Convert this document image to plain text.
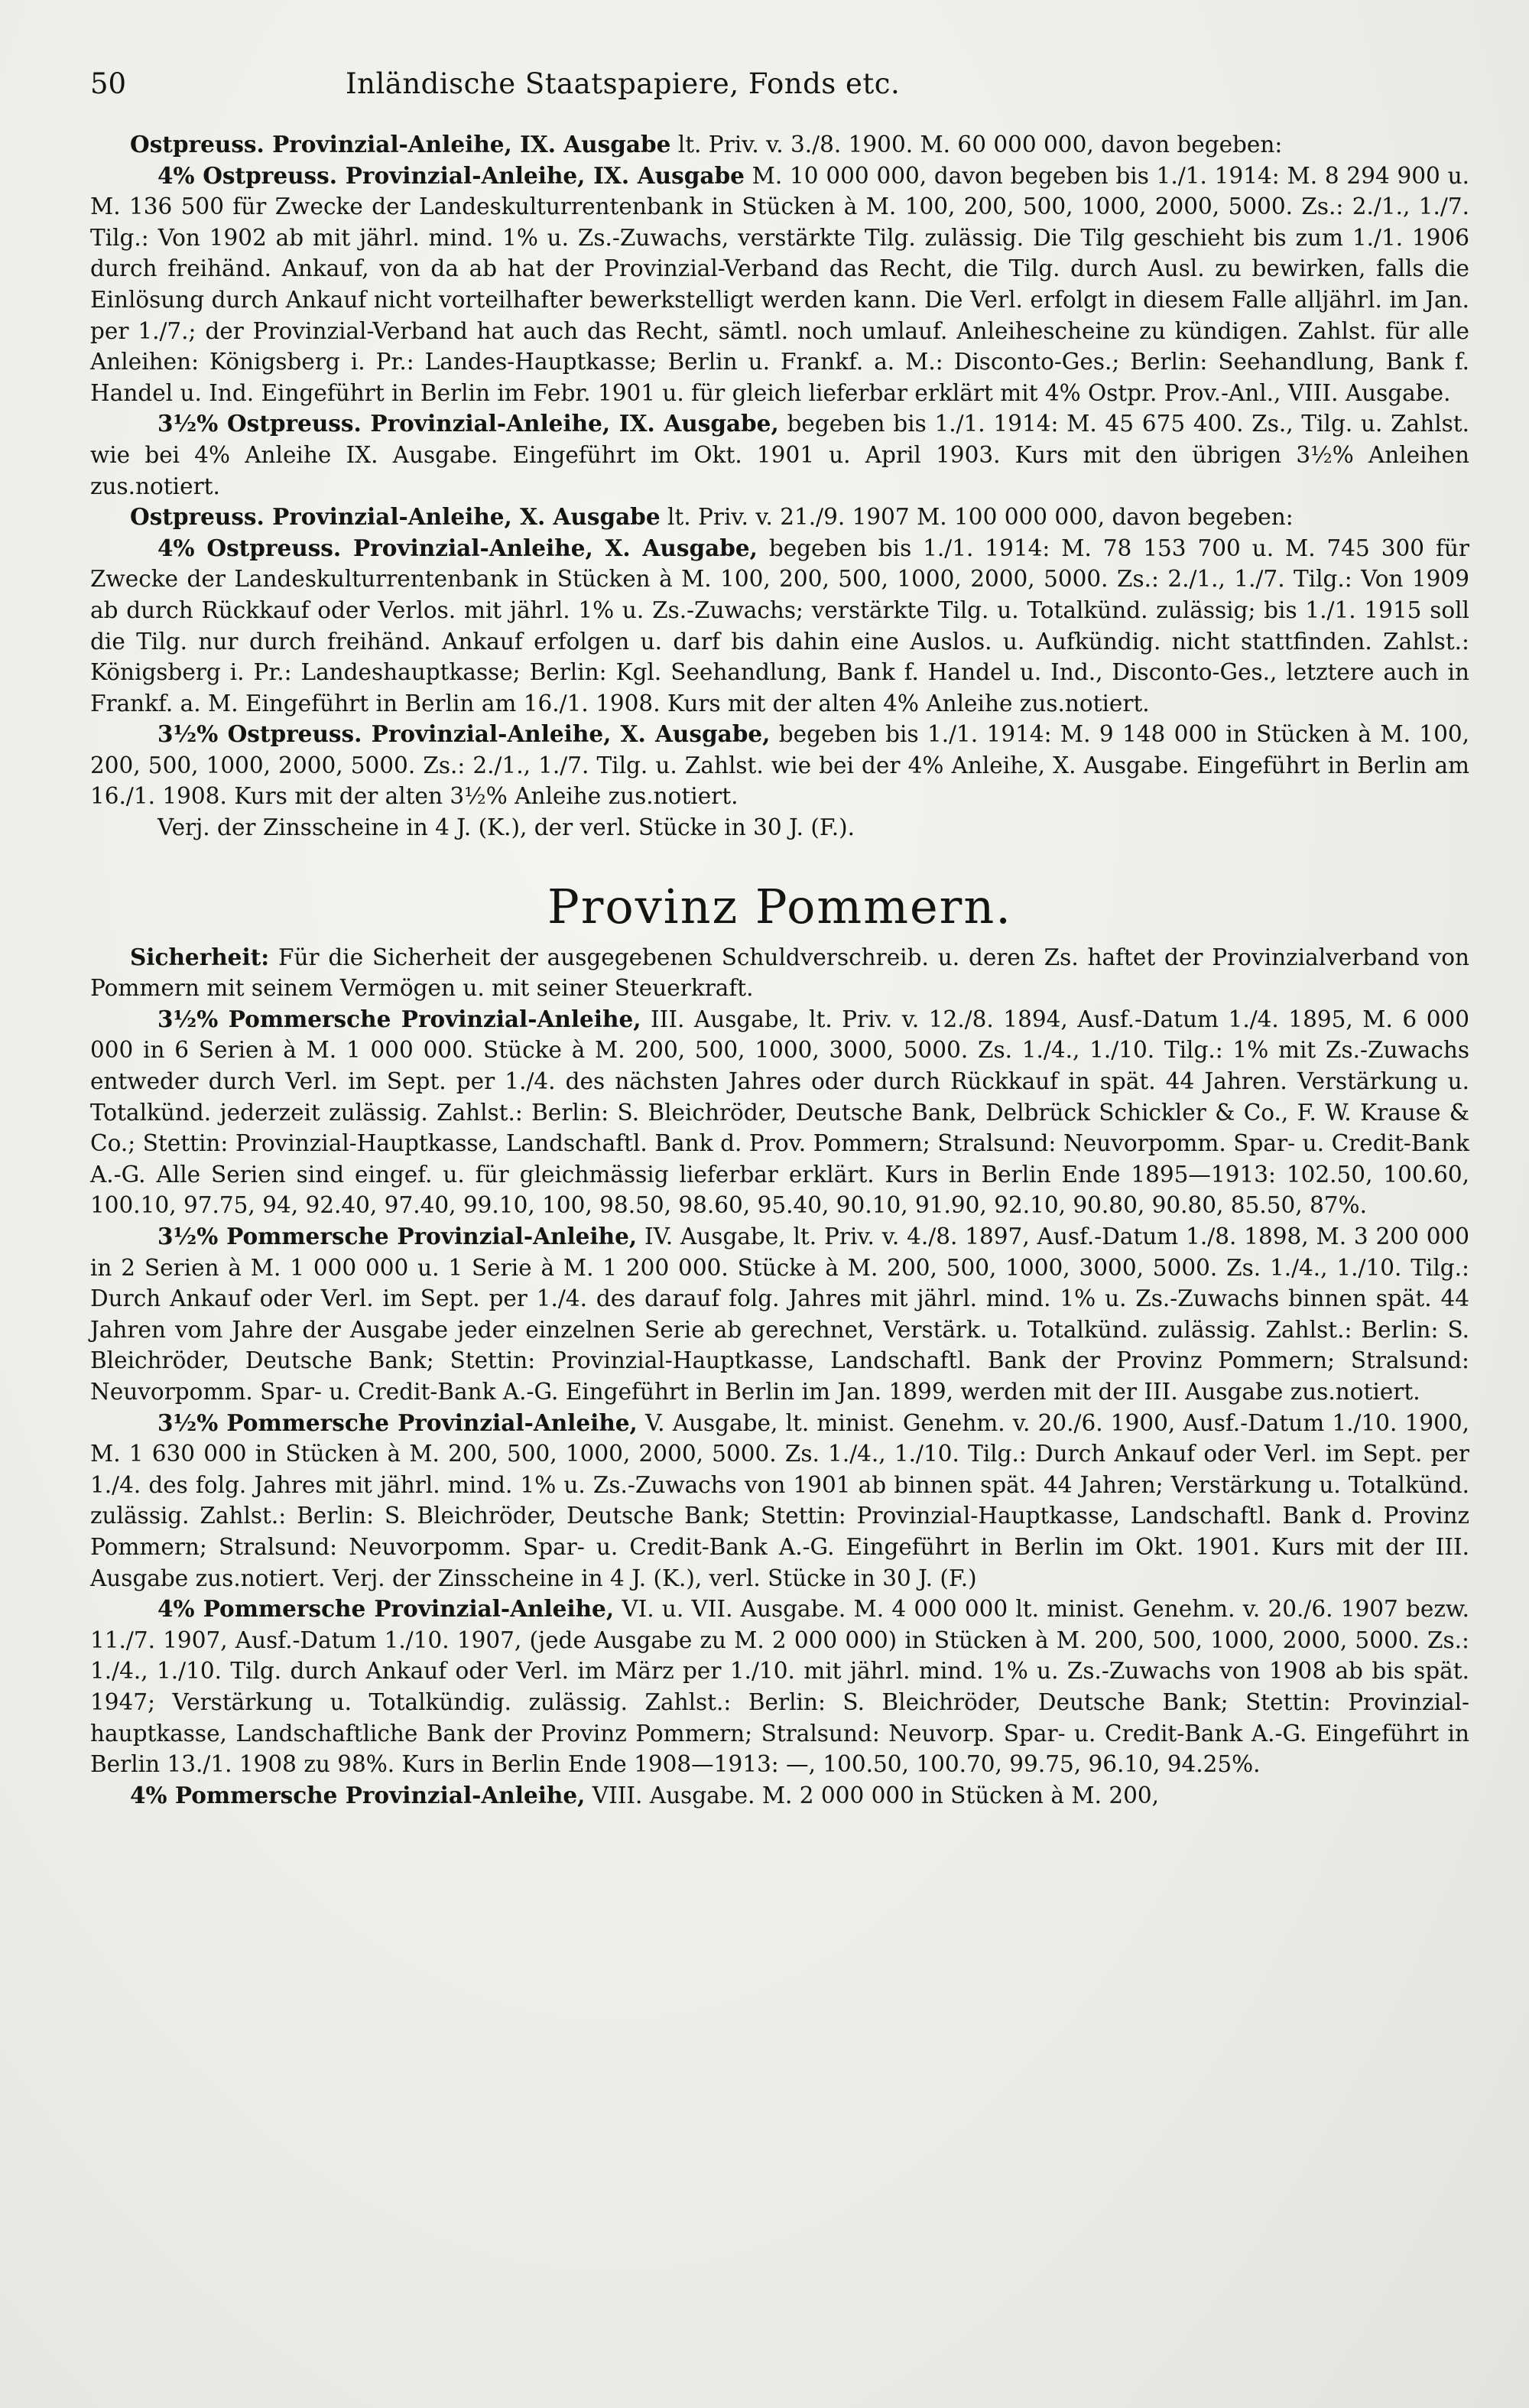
50	Inländische Staatspapiere, Fonds etc.

Ostpreuss. Provinzial-Anleihe, IX. Ausgabe lt. Priv. v. 3./8. 1900. M. 60 000 000, davon begeben:

4% Ostpreuss. Provinzial-Anleihe, IX. Ausgabe M. 10 000 000, davon begeben bis 1./1. 1914: M. 8 294 900 u. M. 136 500 für Zwecke der Landeskulturrentenbank in Stücken à M. 100, 200, 500, 1000, 2000, 5000. Zs.: 2./1., 1./7. Tilg.: Von 1902 ab mit jährl. mind. 1% u. Zs.-Zuwachs, verstärkte Tilg. zulässig. Die Tilg geschieht bis zum 1./1. 1906 durch freihänd. Ankauf, von da ab hat der Provinzial-Verband das Recht, die Tilg. durch Ausl. zu bewirken, falls die Einlösung durch Ankauf nicht vorteilhafter bewerkstelligt werden kann. Die Verl. erfolgt in diesem Falle alljährl. im Jan. per 1./7.; der Provinzial-Verband hat auch das Recht, sämtl. noch umlauf. Anleihescheine zu kündigen. Zahlst. für alle Anleihen: Königsberg i. Pr.: Landes-Hauptkasse; Berlin u. Frankf. a. M.: Disconto-Ges.; Berlin: Seehandlung, Bank f. Handel u. Ind. Eingeführt in Berlin im Febr. 1901 u. für gleich lieferbar erklärt mit 4% Ostpr. Prov.-Anl., VIII. Ausgabe.

3½% Ostpreuss. Provinzial-Anleihe, IX. Ausgabe, begeben bis 1./1. 1914: M. 45 675 400. Zs., Tilg. u. Zahlst. wie bei 4% Anleihe IX. Ausgabe. Eingeführt im Okt. 1901 u. April 1903. Kurs mit den übrigen 3½% Anleihen zus.notiert.

Ostpreuss. Provinzial-Anleihe, X. Ausgabe lt. Priv. v. 21./9. 1907 M. 100 000 000, davon begeben:

4% Ostpreuss. Provinzial-Anleihe, X. Ausgabe, begeben bis 1./1. 1914: M. 78 153 700 u. M. 745 300 für Zwecke der Landeskulturrentenbank in Stücken à M. 100, 200, 500, 1000, 2000, 5000. Zs.: 2./1., 1./7. Tilg.: Von 1909 ab durch Rückkauf oder Verlos. mit jährl. 1% u. Zs.-Zuwachs; verstärkte Tilg. u. Totalkünd. zulässig; bis 1./1. 1915 soll die Tilg. nur durch freihänd. Ankauf erfolgen u. darf bis dahin eine Auslos. u. Aufkündig. nicht stattfinden. Zahlst.: Königsberg i. Pr.: Landeshauptkasse; Berlin: Kgl. Seehandlung, Bank f. Handel u. Ind., Disconto-Ges., letztere auch in Frankf. a. M. Eingeführt in Berlin am 16./1. 1908. Kurs mit der alten 4% Anleihe zus.notiert.

3½% Ostpreuss. Provinzial-Anleihe, X. Ausgabe, begeben bis 1./1. 1914: M. 9 148 000 in Stücken à M. 100, 200, 500, 1000, 2000, 5000. Zs.: 2./1., 1./7. Tilg. u. Zahlst. wie bei der 4% Anleihe, X. Ausgabe. Eingeführt in Berlin am 16./1. 1908. Kurs mit der alten 3½% Anleihe zus.notiert.

Verj. der Zinsscheine in 4 J. (K.), der verl. Stücke in 30 J. (F.).

Provinz Pommern.

Sicherheit: Für die Sicherheit der ausgegebenen Schuldverschreib. u. deren Zs. haftet der Provinzialverband von Pommern mit seinem Vermögen u. mit seiner Steuerkraft.

3½% Pommersche Provinzial-Anleihe, III. Ausgabe, lt. Priv. v. 12./8. 1894, Ausf.-Datum 1./4. 1895, M. 6 000 000 in 6 Serien à M. 1 000 000. Stücke à M. 200, 500, 1000, 3000, 5000. Zs. 1./4., 1./10. Tilg.: 1% mit Zs.-Zuwachs entweder durch Verl. im Sept. per 1./4. des nächsten Jahres oder durch Rückkauf in spät. 44 Jahren. Verstärkung u. Totalkünd. jederzeit zulässig. Zahlst.: Berlin: S. Bleichröder, Deutsche Bank, Delbrück Schickler & Co., F. W. Krause & Co.; Stettin: Provinzial-Hauptkasse, Landschaftl. Bank d. Prov. Pommern; Stralsund: Neuvorpomm. Spar- u. Credit-Bank A.-G. Alle Serien sind eingef. u. für gleichmässig lieferbar erklärt. Kurs in Berlin Ende 1895—1913: 102.50, 100.60, 100.10, 97.75, 94, 92.40, 97.40, 99.10, 100, 98.50, 98.60, 95.40, 90.10, 91.90, 92.10, 90.80, 90.80, 85.50, 87%.

3½% Pommersche Provinzial-Anleihe, IV. Ausgabe, lt. Priv. v. 4./8. 1897, Ausf.-Datum 1./8. 1898, M. 3 200 000 in 2 Serien à M. 1 000 000 u. 1 Serie à M. 1 200 000. Stücke à M. 200, 500, 1000, 3000, 5000. Zs. 1./4., 1./10. Tilg.: Durch Ankauf oder Verl. im Sept. per 1./4. des darauf folg. Jahres mit jährl. mind. 1% u. Zs.-Zuwachs binnen spät. 44 Jahren vom Jahre der Ausgabe jeder einzelnen Serie ab gerechnet, Verstärk. u. Totalkünd. zulässig. Zahlst.: Berlin: S. Bleichröder, Deutsche Bank; Stettin: Provinzial-Hauptkasse, Landschaftl. Bank der Provinz Pommern; Stralsund: Neuvorpomm. Spar- u. Credit-Bank A.-G. Eingeführt in Berlin im Jan. 1899, werden mit der III. Ausgabe zus.notiert.

3½% Pommersche Provinzial-Anleihe, V. Ausgabe, lt. minist. Genehm. v. 20./6. 1900, Ausf.-Datum 1./10. 1900, M. 1 630 000 in Stücken à M. 200, 500, 1000, 2000, 5000. Zs. 1./4., 1./10. Tilg.: Durch Ankauf oder Verl. im Sept. per 1./4. des folg. Jahres mit jährl. mind. 1% u. Zs.-Zuwachs von 1901 ab binnen spät. 44 Jahren; Verstärkung u. Totalkünd. zulässig. Zahlst.: Berlin: S. Bleichröder, Deutsche Bank; Stettin: Provinzial-Hauptkasse, Landschaftl. Bank d. Provinz Pommern; Stralsund: Neuvorpomm. Spar- u. Credit-Bank A.-G. Eingeführt in Berlin im Okt. 1901. Kurs mit der III. Ausgabe zus.notiert. Verj. der Zinsscheine in 4 J. (K.), verl. Stücke in 30 J. (F.)

4% Pommersche Provinzial-Anleihe, VI. u. VII. Ausgabe. M. 4 000 000 lt. minist. Genehm. v. 20./6. 1907 bezw. 11./7. 1907, Ausf.-Datum 1./10. 1907, (jede Ausgabe zu M. 2 000 000) in Stücken à M. 200, 500, 1000, 2000, 5000. Zs.: 1./4., 1./10. Tilg. durch Ankauf oder Verl. im März per 1./10. mit jährl. mind. 1% u. Zs.-Zuwachs von 1908 ab bis spät. 1947; Verstärkung u. Totalkündig. zulässig. Zahlst.: Berlin: S. Bleichröder, Deutsche Bank; Stettin: Provinzial-hauptkasse, Landschaftliche Bank der Provinz Pommern; Stralsund: Neuvorp. Spar- u. Credit-Bank A.-G. Eingeführt in Berlin 13./1. 1908 zu 98%. Kurs in Berlin Ende 1908—1913: —, 100.50, 100.70, 99.75, 96.10, 94.25%.

4% Pommersche Provinzial-Anleihe, VIII. Ausgabe. M. 2 000 000 in Stücken à M. 200,
